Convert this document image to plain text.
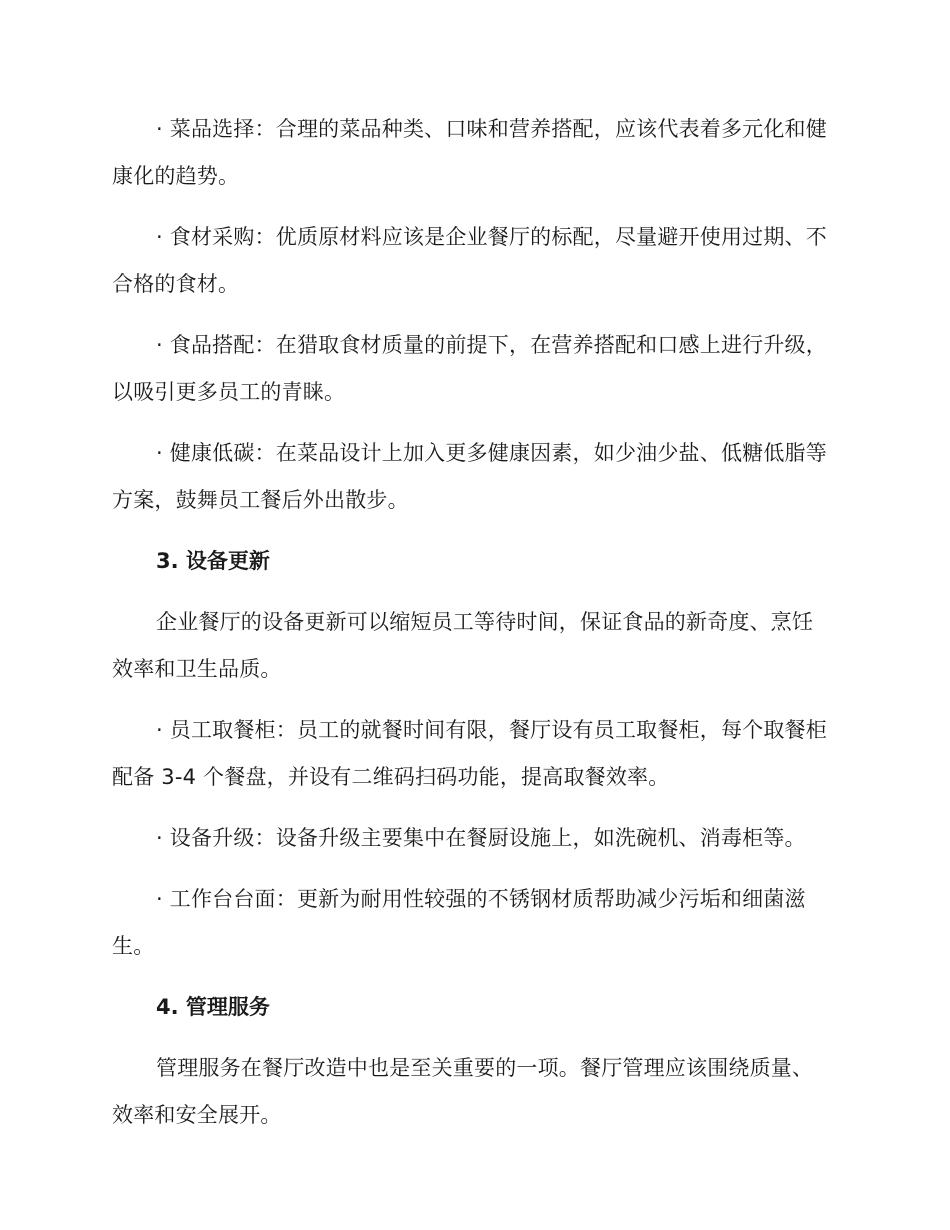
· 菜品选择：合理的菜品种类、口味和营养搭配，应该代表着多元化和健康化的趋势。

· 食材采购：优质原材料应该是企业餐厅的标配，尽量避开使用过期、不合格的食材。

· 食品搭配：在猎取食材质量的前提下，在营养搭配和口感上进行升级，以吸引更多员工的青睐。

· 健康低碳：在菜品设计上加入更多健康因素，如少油少盐、低糖低脂等方案，鼓舞员工餐后外出散步。

3. 设备更新

企业餐厅的设备更新可以缩短员工等待时间，保证食品的新奇度、烹饪效率和卫生品质。

· 员工取餐柜：员工的就餐时间有限，餐厅设有员工取餐柜，每个取餐柜配备 3-4 个餐盘，并设有二维码扫码功能，提高取餐效率。

· 设备升级：设备升级主要集中在餐厨设施上，如洗碗机、消毒柜等。

· 工作台台面：更新为耐用性较强的不锈钢材质帮助减少污垢和细菌滋生。

4. 管理服务

管理服务在餐厅改造中也是至关重要的一项。餐厅管理应该围绕质量、效率和安全展开。
